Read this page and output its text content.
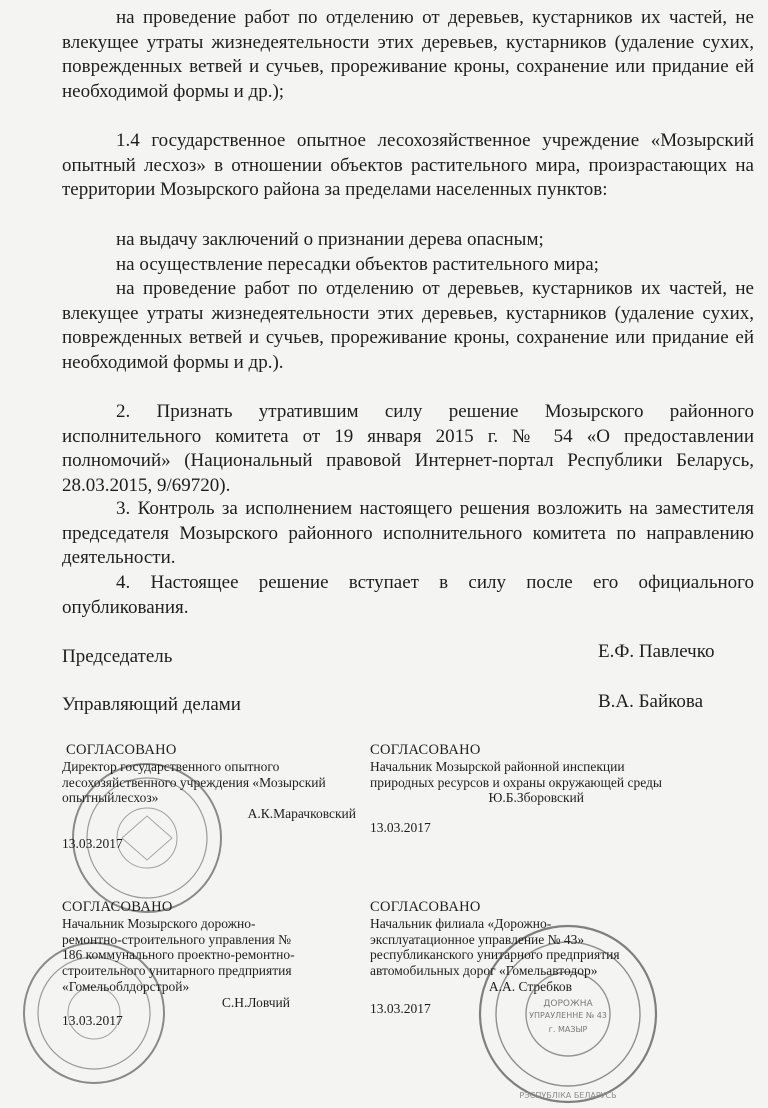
на проведение работ по отделению от деревьев, кустарников их частей, не влекущее утраты жизнедеятельности этих деревьев, кустарников (удаление сухих, поврежденных ветвей и сучьев, прореживание кроны, сохранение или придание ей необходимой формы и др.);

1.4 государственное опытное лесохозяйственное учреждение «Мозырский опытный лесхоз» в отношении объектов растительного мира, произрастающих на территории Мозырского района за пределами населенных пунктов:

на выдачу заключений о признании дерева опасным;

на осуществление пересадки объектов растительного мира;

на проведение работ по отделению от деревьев, кустарников их частей, не влекущее утраты жизнедеятельности этих деревьев, кустарников (удаление сухих, поврежденных ветвей и сучьев, прореживание кроны, сохранение или придание ей необходимой формы и др.).

2. Признать утратившим силу решение Мозырского районного исполнительного комитета от 19 января 2015 г. № 54 «О предоставлении полномочий» (Национальный правовой Интернет-портал Республики Беларусь, 28.03.2015, 9/69720).

3. Контроль за исполнением настоящего решения возложить на заместителя председателя Мозырского районного исполнительного комитета по направлению деятельности.

4. Настоящее решение вступает в силу после его официального опубликования.

Председатель	Е.Ф. Павлечко
Управляющий делами	В.А. Байкова
ДОРОЖНА
УПРАУЛЕННЕ № 43
г. МАЗЫР
РЭСПУБЛІКА БЕЛАРУСЬ
СОГЛАСОВАНО
Директор государственного опытного лесохозяйственного учреждения «Мозырский опытныйлесхоз»
А.К.Марачковский
13.03.2017
СОГЛАСОВАНО
Начальник Мозырской районной инспекции природных ресурсов и охраны окружающей среды
Ю.Б.Зборовский
13.03.2017
СОГЛАСОВАНО
Начальник Мозырского дорожно-ремонтно-строительного управления № 186 коммунального проектно-ремонтно-строительного унитарного предприятия «Гомельоблдорстрой»
С.Н.Ловчий
13.03.2017
СОГЛАСОВАНО
Начальник филиала «Дорожно-эксплуатационное управление № 43» республиканского унитарного предприятия автомобильных дорог «Гомельавтодор»
А.А. Стребков
13.03.2017
